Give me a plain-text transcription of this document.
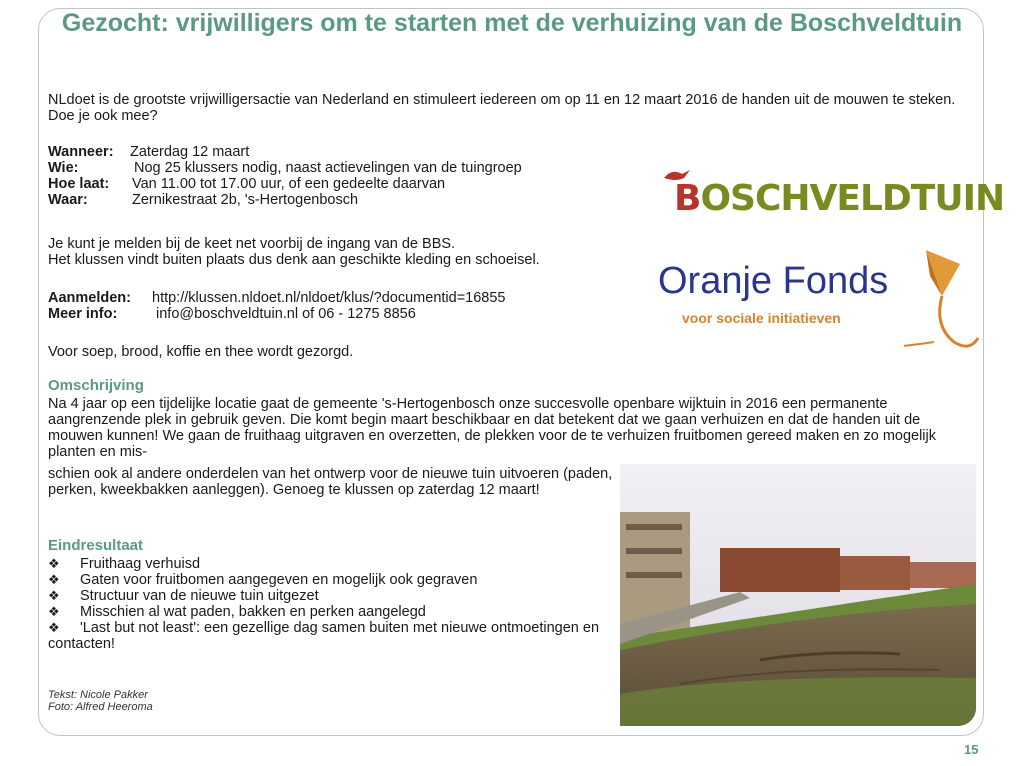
Gezocht: vrijwilligers om te starten met de verhuizing van de Boschveldtuin

NLdoet is de grootste vrijwilligersactie van Nederland en stimuleert iedereen om op 11 en 12 maart 2016 de handen uit de mouwen te steken. Doe je ook mee?

Wanneer: Zaterdag 12 maart
Wie:	Nog 25 klussers nodig, naast actievelingen van de tuingroep
Hoe laat: Van 11.00 tot 17.00 uur, of een gedeelte daarvan
Waar:	Zernikestraat 2b, 's-Hertogenbosch

Je kunt je melden bij de keet net voorbij de ingang van de BBS.

Het klussen vindt buiten plaats dus denk aan geschikte kleding en schoeisel.

Aanmelden: http://klussen.nldoet.nl/nldoet/klus/?documentid=16855
Meer info:	info@boschveldtuin.nl of 06 - 1275 8856

Voor soep, brood, koffie en thee wordt gezorgd.

Omschrijving

Na 4 jaar op een tijdelijke locatie gaat de gemeente 's-Hertogenbosch onze succesvolle openbare wijktuin in 2016 een permanente aangrenzende plek in gebruik geven. Die komt begin maart beschikbaar en dat betekent dat we gaan verhuizen en dat de handen uit de mouwen kunnen! We gaan de fruithaag uitgraven en overzetten, de plekken voor de te verhuizen fruitbomen gereed maken en zo mogelijk planten en mis-

schien ook al andere onderdelen van het ontwerp voor de nieuwe tuin uitvoeren (paden, perken, kweekbakken aanleggen). Genoeg te klussen op zaterdag 12 maart!

Eindresultaat
❖ Fruithaag verhuisd
❖ Gaten voor fruitbomen aangegeven en mogelijk ook gegraven
❖ Structuur van de nieuwe tuin uitgezet
❖ Misschien al wat paden, bakken en perken aangelegd
❖ 'Last but not least': een gezellige dag samen buiten met nieuwe ontmoetingen en contacten!
Tekst: Nicole Pakker
Foto: Alfred Heeroma
BOSCHVELDTUIN
Oranje Fonds
voor sociale initiatieven
15
